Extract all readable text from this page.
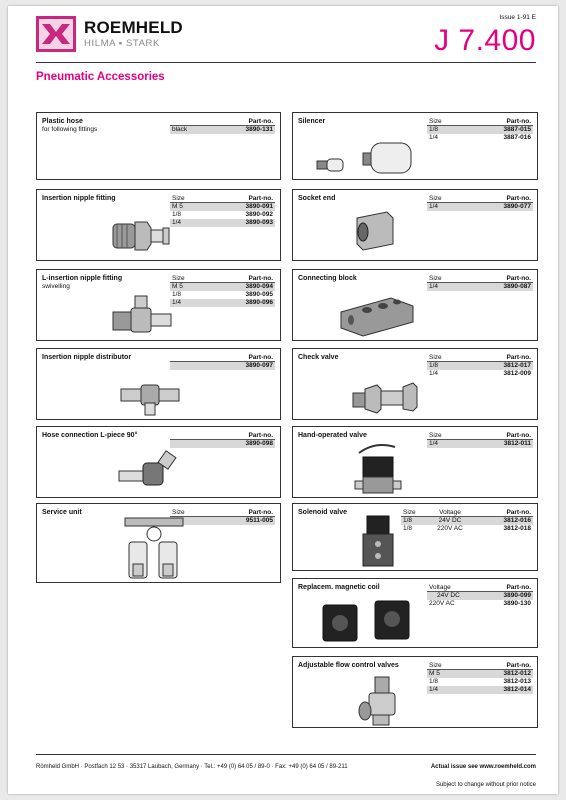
ROEMHELD
HILMA ▪ STARK
Issue 1-91 E
J 7.400
Pneumatic Accessories
Plastic hose
for following fittings
Part-no.
black	3890-131
Insertion nipple fitting	Size	Part-no.
M 5	3890-091
1/8	3890-092
1/4	3890-093
L-insertion nipple fitting
swivelling
Size	Part-no.
M 5	3890-094
1/8	3890-095
1/4	3890-096
Insertion nipple distributor	Part-no.
3890-097
Hose connection L-piece 90°	Part-no.
3890-098
Service unit	Size	Part-no.
9511-005
Silencer	Size	Part-no.
1/8	3887-015
1/4	3887-016
Socket end	Size	Part-no.
1/4	3890-077
Connecting block	Size	Part-no.
1/4	3890-087
Check valve	Size	Part-no.
1/8	3812-017
1/4	3812-009
Hand-operated valve	Size	Part-no.
1/4	3812-011
Solenoid valve	Size	Voltage	Part-no.
1/8	24V DC	3812-016
1/8	220V AC	3812-018
Replacem. magnetic coil	Voltage	Part-no.
24V DC	3890-099
220V AC	3890-130
Adjustable flow control valves	Size	Part-no.
M 5	3812-012
1/8	3812-013
1/4	3812-014
Römheld GmbH · Postfach 12 53 · 35317 Laubach, Germany · Tel.: +49 (0) 64 05 / 89-0 · Fax: +49 (0) 64 05 / 89-211	Actual issue see www.roemheld.com
Subject to change without prior notice
